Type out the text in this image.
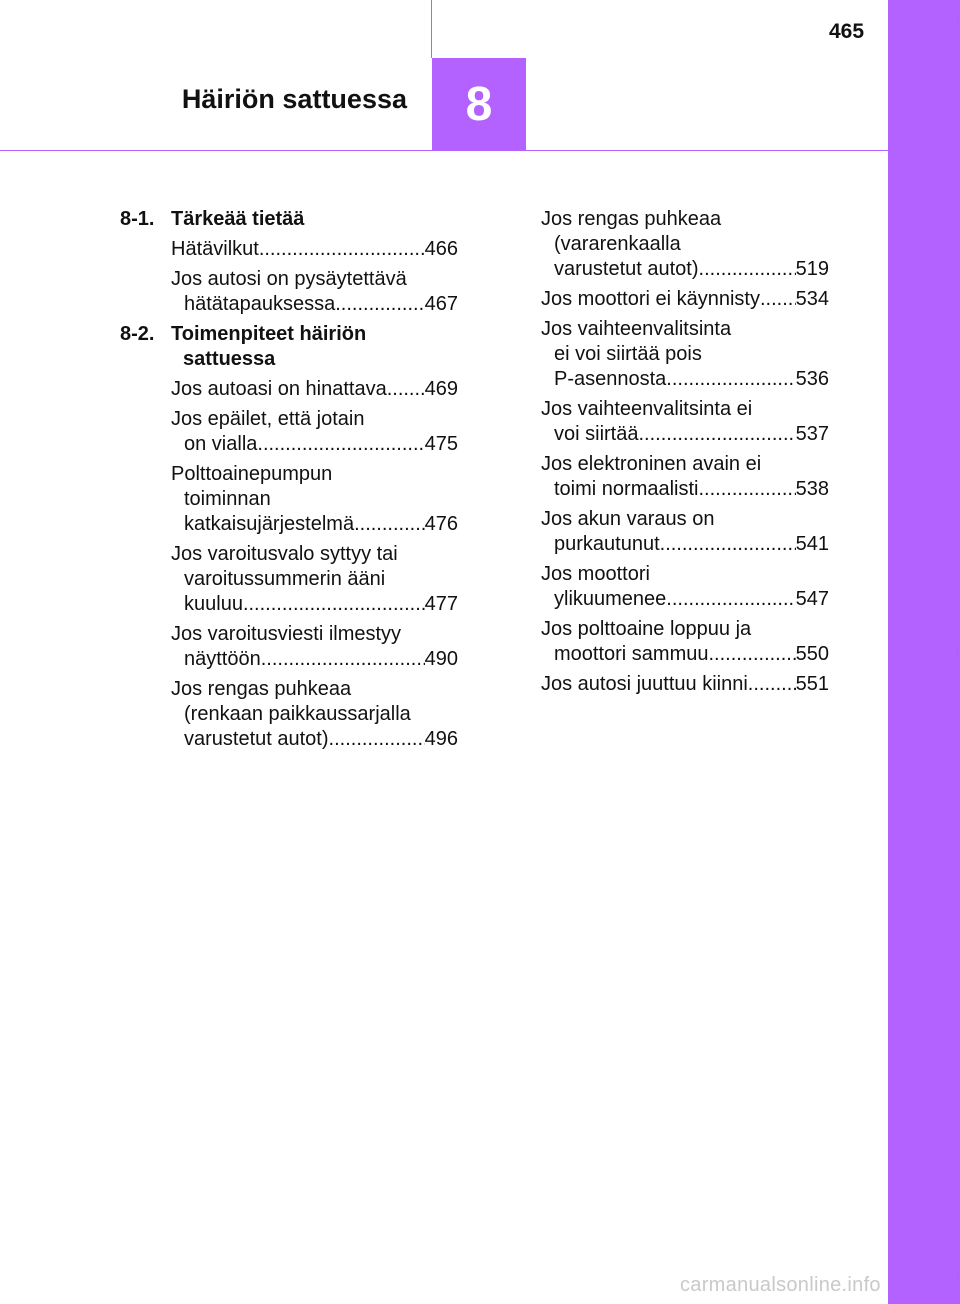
465
Häiriön sattuessa	8
8-1. Tärkeää tietää
Hätävilkut .....	466
Jos autosi on pysäytettävä
hätätapauksessa .....	467
8-2. Toimenpiteet häiriön sattuessa
Jos autoasi on hinattava ..... 469
Jos epäilet, että jotain
on vialla .....	475
Polttoainepumpun
toiminnan
katkaisujärjestelmä .....	476
Jos varoitusvalo syttyy tai
varoitussummerin ääni
kuuluu .....	477
Jos varoitusviesti ilmestyy
näyttöön .....	490
Jos rengas puhkeaa
(renkaan paikkaussarjalla
varustetut autot) .....	496
Jos rengas puhkeaa
(vararenkaalla
varustetut autot) .....	519
Jos moottori ei käynnisty ..... 534
Jos vaihteenvalitsinta
ei voi siirtää pois
P-asennosta .....	536
Jos vaihteenvalitsinta ei
voi siirtää .....	537
Jos elektroninen avain ei
toimi normaalisti .....	538
Jos akun varaus on
purkautunut .....	541
Jos moottori
ylikuumenee .....	547
Jos polttoaine loppuu ja
moottori sammuu .....	550
Jos autosi juuttuu kiinni ..... 551
carmanualsonline.info
